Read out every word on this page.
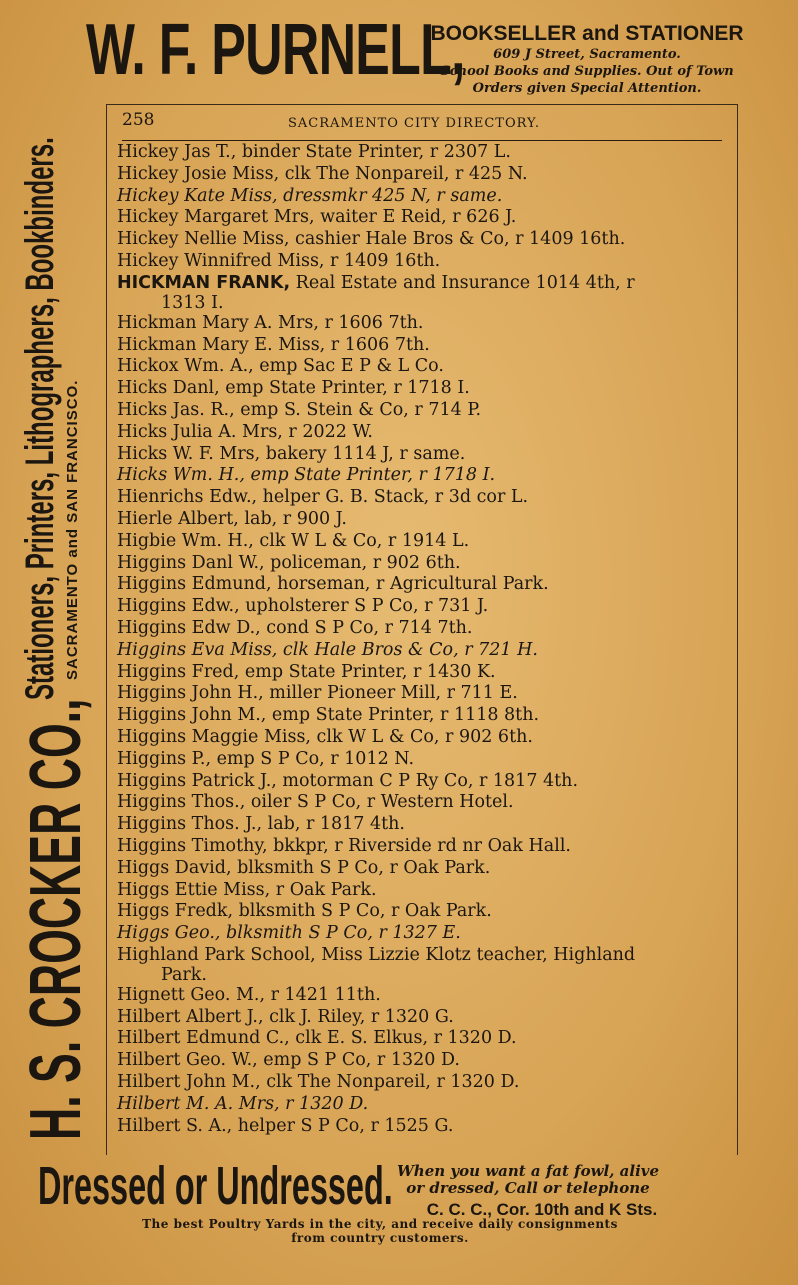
W. F. PURNELL,
BOOKSELLER and STATIONER
609 J Street, Sacramento.
School Books and Supplies. Out of Town
Orders given Special Attention.
H. S. CROCKER CO.,
Stationers, Printers, Lithographers, Bookbinders. SACRAMENTO and SAN FRANCISCO.
258	SACRAMENTO CITY DIRECTORY.
Hickey Jas T., binder State Printer, r 2307 L.
Hickey Josie Miss, clk The Nonpareil, r 425 N.
Hickey Kate Miss, dressmkr 425 N, r same.
Hickey Margaret Mrs, waiter E Reid, r 626 J.
Hickey Nellie Miss, cashier Hale Bros & Co, r 1409 16th.
Hickey Winnifred Miss, r 1409 16th.
HICKMAN FRANK, Real Estate and Insurance 1014 4th, r
1313 I.
Hickman Mary A. Mrs, r 1606 7th.
Hickman Mary E. Miss, r 1606 7th.
Hickox Wm. A., emp Sac E P & L Co.
Hicks Danl, emp State Printer, r 1718 I.
Hicks Jas. R., emp S. Stein & Co, r 714 P.
Hicks Julia A. Mrs, r 2022 W.
Hicks W. F. Mrs, bakery 1114 J, r same.
Hicks Wm. H., emp State Printer, r 1718 I.
Hienrichs Edw., helper G. B. Stack, r 3d cor L.
Hierle Albert, lab, r 900 J.
Higbie Wm. H., clk W L & Co, r 1914 L.
Higgins Danl W., policeman, r 902 6th.
Higgins Edmund, horseman, r Agricultural Park.
Higgins Edw., upholsterer S P Co, r 731 J.
Higgins Edw D., cond S P Co, r 714 7th.
Higgins Eva Miss, clk Hale Bros & Co, r 721 H.
Higgins Fred, emp State Printer, r 1430 K.
Higgins John H., miller Pioneer Mill, r 711 E.
Higgins John M., emp State Printer, r 1118 8th.
Higgins Maggie Miss, clk W L & Co, r 902 6th.
Higgins P., emp S P Co, r 1012 N.
Higgins Patrick J., motorman C P Ry Co, r 1817 4th.
Higgins Thos., oiler S P Co, r Western Hotel.
Higgins Thos. J., lab, r 1817 4th.
Higgins Timothy, bkkpr, r Riverside rd nr Oak Hall.
Higgs David, blksmith S P Co, r Oak Park.
Higgs Ettie Miss, r Oak Park.
Higgs Fredk, blksmith S P Co, r Oak Park.
Higgs Geo., blksmith S P Co, r 1327 E.
Highland Park School, Miss Lizzie Klotz teacher, Highland
Park.
Hignett Geo. M., r 1421 11th.
Hilbert Albert J., clk J. Riley, r 1320 G.
Hilbert Edmund C., clk E. S. Elkus, r 1320 D.
Hilbert Geo. W., emp S P Co, r 1320 D.
Hilbert John M., clk The Nonpareil, r 1320 D.
Hilbert M. A. Mrs, r 1320 D.
Hilbert S. A., helper S P Co, r 1525 G.
Dressed or Undressed. When you want a fat fowl, alive
or dressed, Call or telephone
C. C. C., Cor. 10th and K Sts.
The best Poultry Yards in the city, and receive daily consignments
from country customers.
